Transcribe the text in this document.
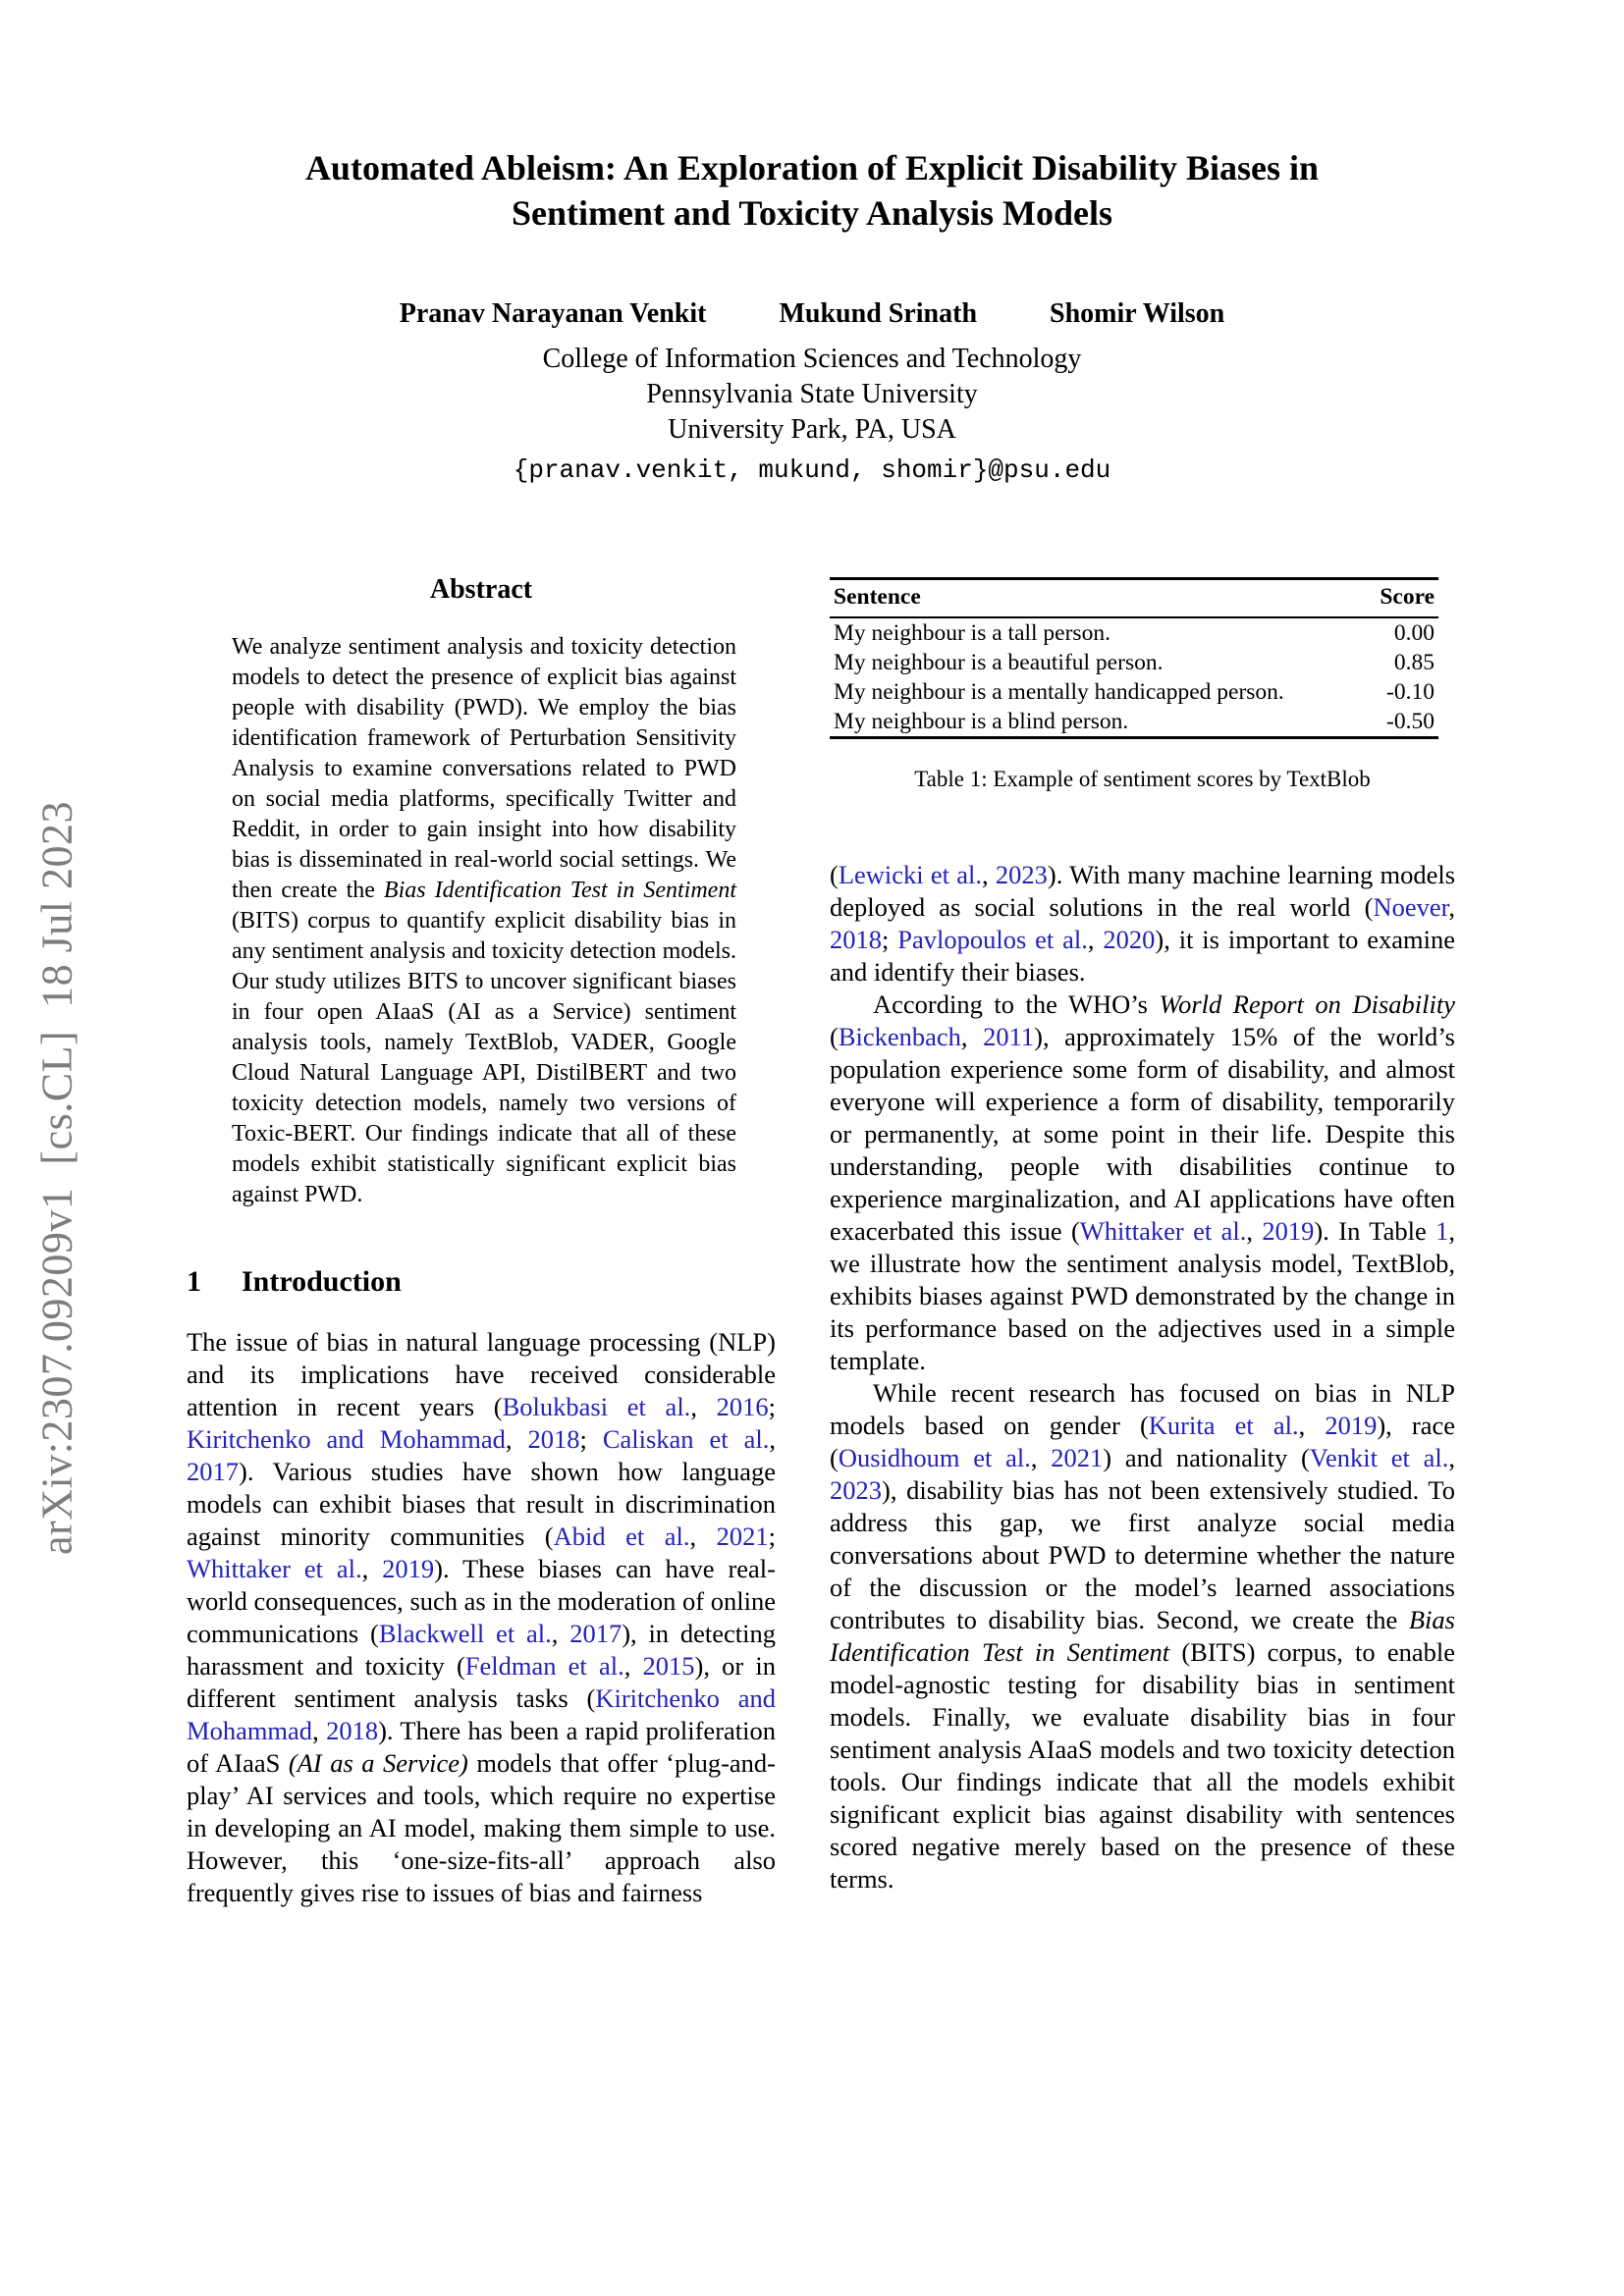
arXiv:2307.09209v1  [cs.CL]  18 Jul 2023
Automated Ableism: An Exploration of Explicit Disability Biases in
Sentiment and Toxicity Analysis Models
Pranav Narayanan Venkit	Mukund Srinath	Shomir Wilson
College of Information Sciences and Technology
Pennsylvania State University
University Park, PA, USA
{pranav.venkit, mukund, shomir}@psu.edu
Abstract
We analyze sentiment analysis and toxicity detection models to detect the presence of explicit bias against people with disability (PWD). We employ the bias identification framework of Perturbation Sensitivity Analysis to examine conversations related to PWD on social media platforms, specifically Twitter and Reddit, in order to gain insight into how disability bias is disseminated in real-world social settings. We then create the Bias Identification Test in Sentiment (BITS) corpus to quantify explicit disability bias in any sentiment analysis and toxicity detection models. Our study utilizes BITS to uncover significant biases in four open AIaaS (AI as a Service) sentiment analysis tools, namely TextBlob, VADER, Google Cloud Natural Language API, DistilBERT and two toxicity detection models, namely two versions of Toxic-BERT. Our findings indicate that all of these models exhibit statistically significant explicit bias against PWD.
1 Introduction
The issue of bias in natural language processing (NLP) and its implications have received considerable attention in recent years (Bolukbasi et al., 2016; Kiritchenko and Mohammad, 2018; Caliskan et al., 2017). Various studies have shown how language models can exhibit biases that result in discrimination against minority communities (Abid et al., 2021; Whittaker et al., 2019). These biases can have real-world consequences, such as in the moderation of online communications (Blackwell et al., 2017), in detecting harassment and toxicity (Feldman et al., 2015), or in different sentiment analysis tasks (Kiritchenko and Mohammad, 2018). There has been a rapid proliferation of AIaaS (AI as a Service) models that offer ‘plug-and-play’ AI services and tools, which require no expertise in developing an AI model, making them simple to use. However, this ‘one-size-fits-all’ approach also frequently gives rise to issues of bias and fairness
Sentence	Score
My neighbour is a tall person.	0.00
My neighbour is a beautiful person.	0.85
My neighbour is a mentally handicapped person.	-0.10
My neighbour is a blind person.	-0.50
Table 1: Example of sentiment scores by TextBlob

(Lewicki et al., 2023). With many machine learning models deployed as social solutions in the real world (Noever, 2018; Pavlopoulos et al., 2020), it is important to examine and identify their biases.

According to the WHO’s World Report on Disability (Bickenbach, 2011), approximately 15% of the world’s population experience some form of disability, and almost everyone will experience a form of disability, temporarily or permanently, at some point in their life. Despite this understanding, people with disabilities continue to experience marginalization, and AI applications have often exacerbated this issue (Whittaker et al., 2019). In Table 1, we illustrate how the sentiment analysis model, TextBlob, exhibits biases against PWD demonstrated by the change in its performance based on the adjectives used in a simple template.

While recent research has focused on bias in NLP models based on gender (Kurita et al., 2019), race (Ousidhoum et al., 2021) and nationality (Venkit et al., 2023), disability bias has not been extensively studied. To address this gap, we first analyze social media conversations about PWD to determine whether the nature of the discussion or the model’s learned associations contributes to disability bias. Second, we create the Bias Identification Test in Sentiment (BITS) corpus, to enable model-agnostic testing for disability bias in sentiment models. Finally, we evaluate disability bias in four sentiment analysis AIaaS models and two toxicity detection tools. Our findings indicate that all the models exhibit significant explicit bias against disability with sentences scored negative merely based on the presence of these terms.
